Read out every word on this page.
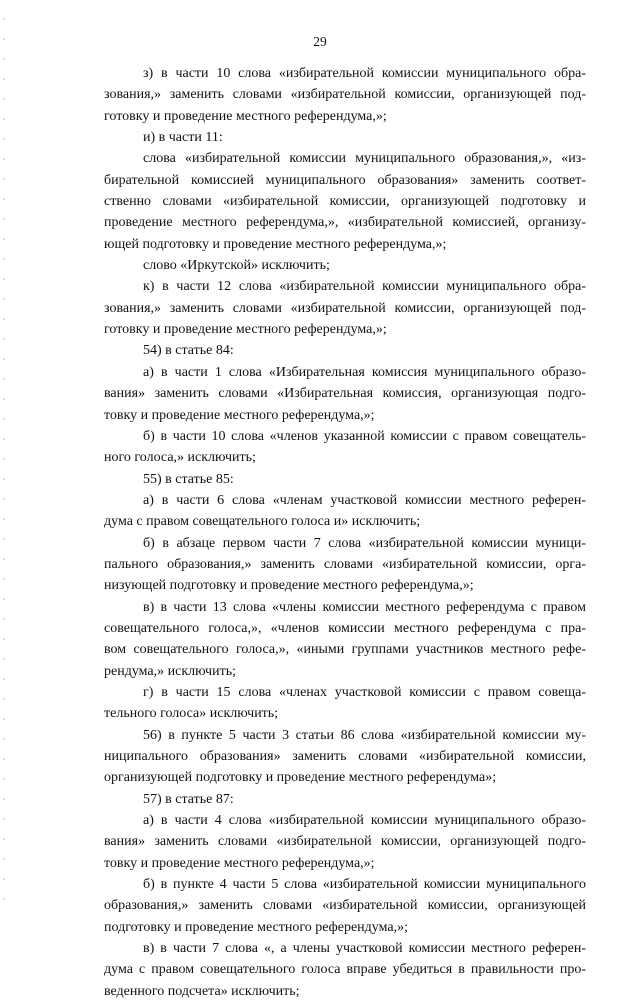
29
з) в части 10 слова «избирательной комиссии муниципального обра-
зования,» заменить словами «избирательной комиссии, организующей под-
готовку и проведение местного референдума,»;
и) в части 11:
слова «избирательной комиссии муниципального образования,», «из-
бирательной комиссией муниципального образования» заменить соответ-
ственно словами «избирательной комиссии, организующей подготовку и
проведение местного референдума,», «избирательной комиссией, организу-
ющей подготовку и проведение местного референдума,»;
слово «Иркутской» исключить;
к) в части 12 слова «избирательной комиссии муниципального обра-
зования,» заменить словами «избирательной комиссии, организующей под-
готовку и проведение местного референдума,»;
54) в статье 84:
а) в части 1 слова «Избирательная комиссия муниципального образо-
вания» заменить словами «Избирательная комиссия, организующая подго-
товку и проведение местного референдума,»;
б) в части 10 слова «членов указанной комиссии с правом совещатель-
ного голоса,» исключить;
55) в статье 85:
а) в части 6 слова «членам участковой комиссии местного референ-
дума с правом совещательного голоса и» исключить;
б) в абзаце первом части 7 слова «избирательной комиссии муници-
пального образования,» заменить словами «избирательной комиссии, орга-
низующей подготовку и проведение местного референдума,»;
в) в части 13 слова «члены комиссии местного референдума с правом
совещательного голоса,», «членов комиссии местного референдума с пра-
вом совещательного голоса,», «иными группами участников местного рефе-
рендума,» исключить;
г) в части 15 слова «членах участковой комиссии с правом совеща-
тельного голоса» исключить;
56) в пункте 5 части 3 статьи 86 слова «избирательной комиссии му-
ниципального образования» заменить словами «избирательной комиссии,
организующей подготовку и проведение местного референдума»;
57) в статье 87:
а) в части 4 слова «избирательной комиссии муниципального образо-
вания» заменить словами «избирательной комиссии, организующей подго-
товку и проведение местного референдума,»;
б) в пункте 4 части 5 слова «избирательной комиссии муниципального
образования,» заменить словами «избирательной комиссии, организующей
подготовку и проведение местного референдума,»;
в) в части 7 слова «, а члены участковой комиссии местного референ-
дума с правом совещательного голоса вправе убедиться в правильности про-
веденного подсчета» исключить;
